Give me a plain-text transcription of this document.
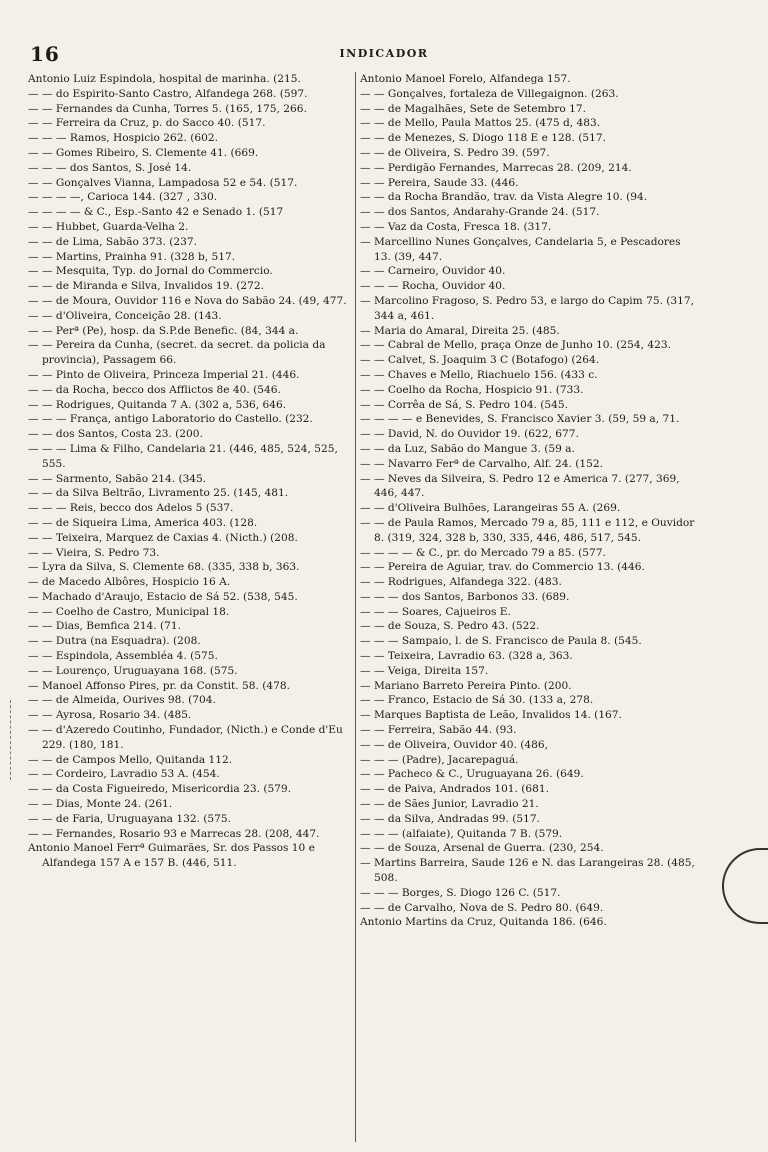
16	INDICADOR
Antonio Luiz Espindola, hospital de marinha. (215.
— — do Espirito-Santo Castro, Alfandega 268. (597.
— — Fernandes da Cunha, Torres 5. (165, 175, 266.
— — Ferreira da Cruz, p. do Sacco 40. (517.
— — — Ramos, Hospicio 262. (602.
— — Gomes Ribeiro, S. Clemente 41. (669.
— — — dos Santos, S. José 14.
— — Gonçalves Vianna, Lampadosa 52 e 54. (517.
— — — —, Carioca 144. (327 , 330.
— — — — & C., Esp.-Santo 42 e Senado 1. (517
— — Hubbet, Guarda-Velha 2.
— — de Lima, Sabão 373. (237.
— — Martins, Prainha 91. (328 b, 517.
— — Mesquita, Typ. do Jornal do Commercio.
— — de Miranda e Silva, Invalidos 19. (272.
— — de Moura, Ouvidor 116 e Nova do Sabão 24. (49, 477.
— — d'Oliveira, Conceição 28. (143.
— — Perª (Pe), hosp. da S.P.de Benefic. (84, 344 a.
— — Pereira da Cunha, (secret. da secret. da policia da provincia), Passagem 66.
— — Pinto de Oliveira, Princeza Imperial 21. (446.
— — da Rocha, becco dos Afflictos 8e 40. (546.
— — Rodrigues, Quitanda 7 A. (302 a, 536, 646.
— — — França, antigo Laboratorio do Castello. (232.
— — dos Santos, Costa 23. (200.
— — — Lima & Filho, Candelaria 21. (446, 485, 524, 525, 555.
— — Sarmento, Sabão 214. (345.
— — da Silva Beltrão, Livramento 25. (145, 481.
— — — Reis, becco dos Adelos 5 (537.
— — de Siqueira Lima, America 403. (128.
— — Teixeira, Marquez de Caxias 4. (Nicth.) (208.
— — Vieira, S. Pedro 73.
— Lyra da Silva, S. Clemente 68. (335, 338 b, 363.
— de Macedo Albôres, Hospicio 16 A.
— Machado d'Araujo, Estacio de Sá 52. (538, 545.
— — Coelho de Castro, Municipal 18.
— — Dias, Bemfica 214. (71.
— — Dutra (na Esquadra). (208.
— — Espindola, Assembléa 4. (575.
— — Lourenço, Uruguayana 168. (575.
— Manoel Affonso Pires, pr. da Constit. 58. (478.
— — de Almeida, Ourives 98. (704.
— — Ayrosa, Rosario 34. (485.
— — d'Azeredo Coutinho, Fundador, (Nicth.) e Conde d'Eu 229. (180, 181.
— — de Campos Mello, Quitanda 112.
— — Cordeiro, Lavradio 53 A. (454.
— — da Costa Figueiredo, Misericordia 23. (579.
— — Dias, Monte 24. (261.
— — de Faria, Uruguayana 132. (575.
— — Fernandes, Rosario 93 e Marrecas 28. (208, 447.
Antonio Manoel Ferrª Guimarães, Sr. dos Passos 10 e Alfandega 157 A e 157 B. (446, 511.
Antonio Manoel Forelo, Alfandega 157.
— — Gonçalves, fortaleza de Villegaignon. (263.
— — de Magalhães, Sete de Setembro 17.
— — de Mello, Paula Mattos 25. (475 d, 483.
— — de Menezes, S. Diogo 118 E e 128. (517.
— — de Oliveira, S. Pedro 39. (597.
— — Perdigão Fernandes, Marrecas 28. (209, 214.
— — Pereira, Saude 33. (446.
— — da Rocha Brandão, trav. da Vista Alegre 10. (94.
— — dos Santos, Andarahy-Grande 24. (517.
— — Vaz da Costa, Fresca 18. (317.
— Marcellino Nunes Gonçalves, Candelaria 5, e Pescadores 13. (39, 447.
— — Carneiro, Ouvidor 40.
— — — Rocha, Ouvidor 40.
— Marcolino Fragoso, S. Pedro 53, e largo do Capim 75. (317, 344 a, 461.
— Maria do Amaral, Direita 25. (485.
— — Cabral de Mello, praça Onze de Junho 10. (254, 423.
— — Calvet, S. Joaquim 3 C (Botafogo) (264.
— — Chaves e Mello, Riachuelo 156. (433 c.
— — Coelho da Rocha, Hospicio 91. (733.
— — Corrêa de Sá, S. Pedro 104. (545.
— — — — e Benevides, S. Francisco Xavier 3. (59, 59 a, 71.
— — David, N. do Ouvidor 19. (622, 677.
— — da Luz, Sabão do Mangue 3. (59 a.
— — Navarro Ferª de Carvalho, Alf. 24. (152.
— — Neves da Silveira, S. Pedro 12 e America 7. (277, 369, 446, 447.
— — d'Oliveira Bulhões, Larangeiras 55 A. (269.
— — de Paula Ramos, Mercado 79 a, 85, 111 e 112, e Ouvidor 8. (319, 324, 328 b, 330, 335, 446, 486, 517, 545.
— — — — & C., pr. do Mercado 79 a 85. (577.
— — Pereira de Aguiar, trav. do Commercio 13. (446.
— — Rodrigues, Alfandega 322. (483.
— — — dos Santos, Barbonos 33. (689.
— — — Soares, Cajueiros E.
— — de Souza, S. Pedro 43. (522.
— — — Sampaio, l. de S. Francisco de Paula 8. (545.
— — Teixeira, Lavradio 63. (328 a, 363.
— — Veiga, Direita 157.
— Mariano Barreto Pereira Pinto. (200.
— — Franco, Estacio de Sá 30. (133 a, 278.
— Marques Baptista de Leão, Invalidos 14. (167.
— — Ferreira, Sabão 44. (93.
— — de Oliveira, Ouvidor 40. (486,
— — — (Padre), Jacarepaguá.
— — Pacheco & C., Uruguayana 26. (649.
— — de Paiva, Andrados 101. (681.
— — de Sães Junior, Lavradio 21.
— — da Silva, Andradas 99. (517.
— — — (alfaiate), Quitanda 7 B. (579.
— — de Souza, Arsenal de Guerra. (230, 254.
— Martins Barreira, Saude 126 e N. das Larangeiras 28. (485, 508.
— — — Borges, S. Diogo 126 C. (517.
— — de Carvalho, Nova de S. Pedro 80. (649.
Antonio Martins da Cruz, Quitanda 186. (646.
